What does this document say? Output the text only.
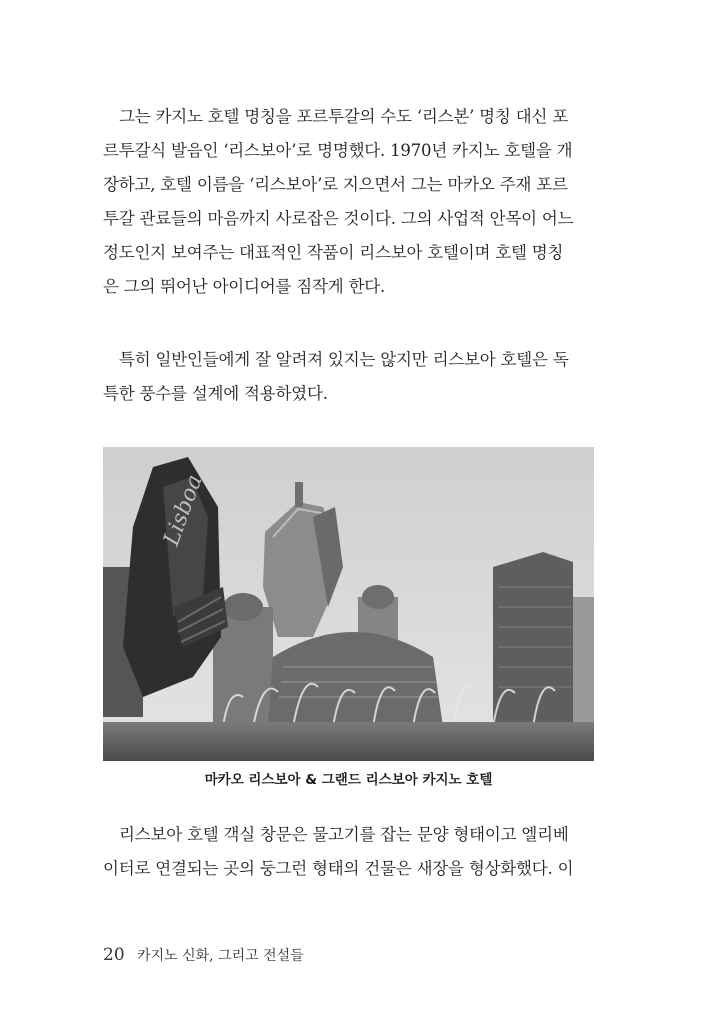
그는 카지노 호텔 명칭을 포르투갈의 수도 ‘리스본’ 명칭 대신 포
르투갈식 발음인 ‘리스보아’로 명명했다. 1970년 카지노 호텔을 개
장하고, 호텔 이름을 ‘리스보아’로 지으면서 그는 마카오 주재 포르
투갈 관료들의 마음까지 사로잡은 것이다. 그의 사업적 안목이 어느
정도인지 보여주는 대표적인 작품이 리스보아 호텔이며 호텔 명칭
은 그의 뛰어난 아이디어를 짐작게 한다.
특히 일반인들에게 잘 알려져 있지는 않지만 리스보아 호텔은 독
특한 풍수를 설계에 적용하였다.
Lisboa
마카오 리스보아 & 그랜드 리스보아 카지노 호텔
리스보아 호텔 객실 창문은 물고기를 잡는 문양 형태이고 엘리베
이터로 연결되는 곳의 둥그런 형태의 건물은 새장을 형상화했다. 이
20 카지노 신화, 그리고 전설들
